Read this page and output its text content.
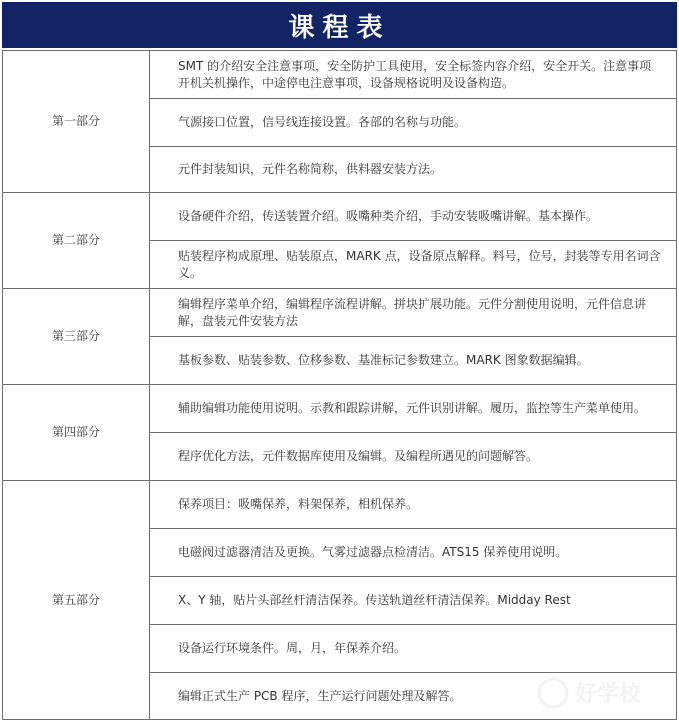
课程表
第一部分	SMT 的介绍安全注意事项，安全防护工具使用，安全标签内容介绍，安全开关。注意事项开机关机操作，中途停电注意事项，设备规格说明及设备构造。
	气源接口位置，信号线连接设置。各部的名称与功能。
	元件封装知识，元件名称简称，供料器安装方法。
第二部分	设备硬件介绍，传送装置介绍。吸嘴种类介绍，手动安装吸嘴讲解。基本操作。
	贴装程序构成原理、贴装原点，MARK 点，设备原点解释。料号，位号，封装等专用名词含义。
第三部分	编辑程序菜单介绍，编辑程序流程讲解。拼块扩展功能。元件分割使用说明，元件信息讲解，盘装元件安装方法
	基板参数、贴装参数、位移参数、基准标记参数建立。MARK 图象数据编辑。
第四部分	辅助编辑功能使用说明。示教和跟踪讲解，元件识别讲解。履历，监控等生产菜单使用。
	程序优化方法，元件数据库使用及编辑。及编程所遇见的问题解答。
第五部分	保养项目：吸嘴保养，料架保养，相机保养。
	电磁阀过滤器清洁及更换。气雾过滤器点检清洁。ATS15 保养使用说明。
	X、Y 轴，贴片头部丝杆清洁保养。传送轨道丝杆清洁保养。Midday Rest
	设备运行环境条件。周，月，年保养介绍。
	编辑正式生产 PCB 程序，生产运行问题处理及解答。	好学校
